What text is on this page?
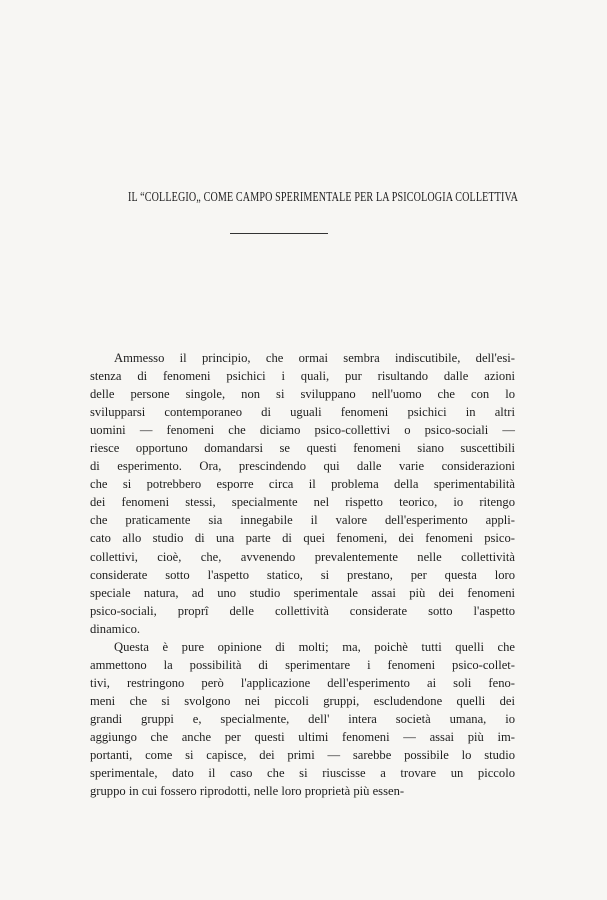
IL “COLLEGIO„ COME CAMPO SPERIMENTALE PER LA PSICOLOGIA COLLETTIVA

Ammesso il principio, che ormai sembra indiscutibile, dell'esi-
stenza di fenomeni psichici i quali, pur risultando dalle azioni
delle persone singole, non si sviluppano nell'uomo che con lo
svilupparsi contemporaneo di uguali fenomeni psichici in altri
uomini — fenomeni che diciamo psico-collettivi o psico-sociali —
riesce opportuno domandarsi se questi fenomeni siano suscettibili
di esperimento. Ora, prescindendo qui dalle varie considerazioni
che si potrebbero esporre circa il problema della sperimentabilità
dei fenomeni stessi, specialmente nel rispetto teorico, io ritengo
che praticamente sia innegabile il valore dell'esperimento appli-
cato allo studio di una parte di quei fenomeni, dei fenomeni psico-
collettivi, cioè, che, avvenendo prevalentemente nelle collettività
considerate sotto l'aspetto statico, si prestano, per questa loro
speciale natura, ad uno studio sperimentale assai più dei fenomeni
psico-sociali, proprî delle collettività considerate sotto l'aspetto
dinamico.

Questa è pure opinione di molti; ma, poichè tutti quelli che
ammettono la possibilità di sperimentare i fenomeni psico-collet-
tivi, restringono però l'applicazione dell'esperimento ai soli feno-
meni che si svolgono nei piccoli gruppi, escludendone quelli dei
grandi gruppi e, specialmente, dell' intera società umana, io
aggiungo che anche per questi ultimi fenomeni — assai più im-
portanti, come si capisce, dei primi — sarebbe possibile lo studio
sperimentale, dato il caso che si riuscisse a trovare un piccolo
gruppo in cui fossero riprodotti, nelle loro proprietà più essen-
